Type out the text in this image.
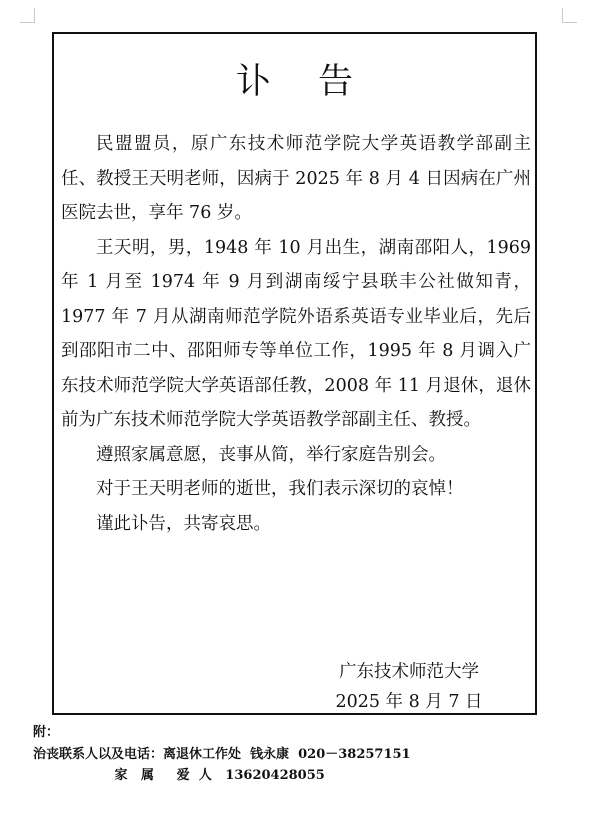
讣 告

民盟盟员，原广东技术师范学院大学英语教学部副主任、教授王天明老师，因病于 2025 年 8 月 4 日因病在广州医院去世，享年 76 岁。

王天明，男，1948 年 10 月出生，湖南邵阳人，1969 年 1 月至 1974 年 9 月到湖南绥宁县联丰公社做知青，1977 年 7 月从湖南师范学院外语系英语专业毕业后，先后到邵阳市二中、邵阳师专等单位工作，1995 年 8 月调入广东技术师范学院大学英语部任教，2008 年 11 月退休，退休前为广东技术师范学院大学英语教学部副主任、教授。

遵照家属意愿，丧事从简，举行家庭告别会。

对于王天明老师的逝世，我们表示深切的哀悼！

谨此讣告，共寄哀思。

广东技术师范大学
2025 年 8 月 7 日
附：
治丧联系人以及电话：离退休工作处  钱永康  020－38257151
家   属     爱  人   13620428055
